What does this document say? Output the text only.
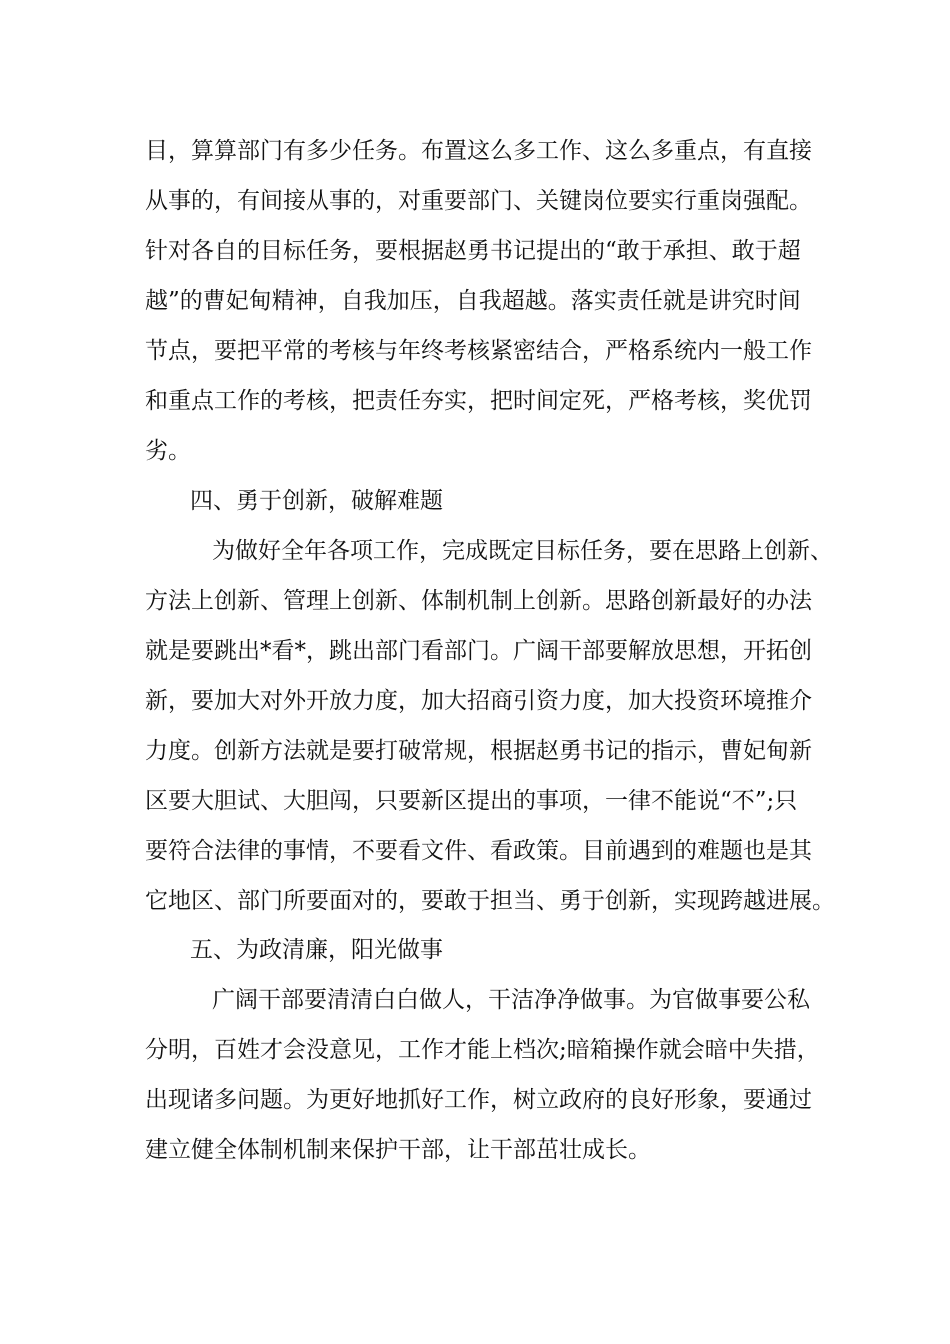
目，算算部门有多少任务。布置这么多工作、这么多重点，有直接
从事的，有间接从事的，对重要部门、关键岗位要实行重岗强配。
针对各自的目标任务，要根据赵勇书记提出的“敢于承担、敢于超
越”的曹妃甸精神，自我加压，自我超越。落实责任就是讲究时间
节点，要把平常的考核与年终考核紧密结合，严格系统内一般工作
和重点工作的考核，把责任夯实，把时间定死，严格考核，奖优罚
劣。
四、勇于创新，破解难题
为做好全年各项工作，完成既定目标任务，要在思路上创新、
方法上创新、管理上创新、体制机制上创新。思路创新最好的办法
就是要跳出*看*，跳出部门看部门。广阔干部要解放思想，开拓创
新，要加大对外开放力度，加大招商引资力度，加大投资环境推介
力度。创新方法就是要打破常规，根据赵勇书记的指示，曹妃甸新
区要大胆试、大胆闯，只要新区提出的事项，一律不能说“不”;只
要符合法律的事情，不要看文件、看政策。目前遇到的难题也是其
它地区、部门所要面对的，要敢于担当、勇于创新，实现跨越进展。
五、为政清廉，阳光做事
广阔干部要清清白白做人，干洁净净做事。为官做事要公私
分明，百姓才会没意见，工作才能上档次;暗箱操作就会暗中失措，
出现诸多问题。为更好地抓好工作，树立政府的良好形象，要通过
建立健全体制机制来保护干部，让干部茁壮成长。
